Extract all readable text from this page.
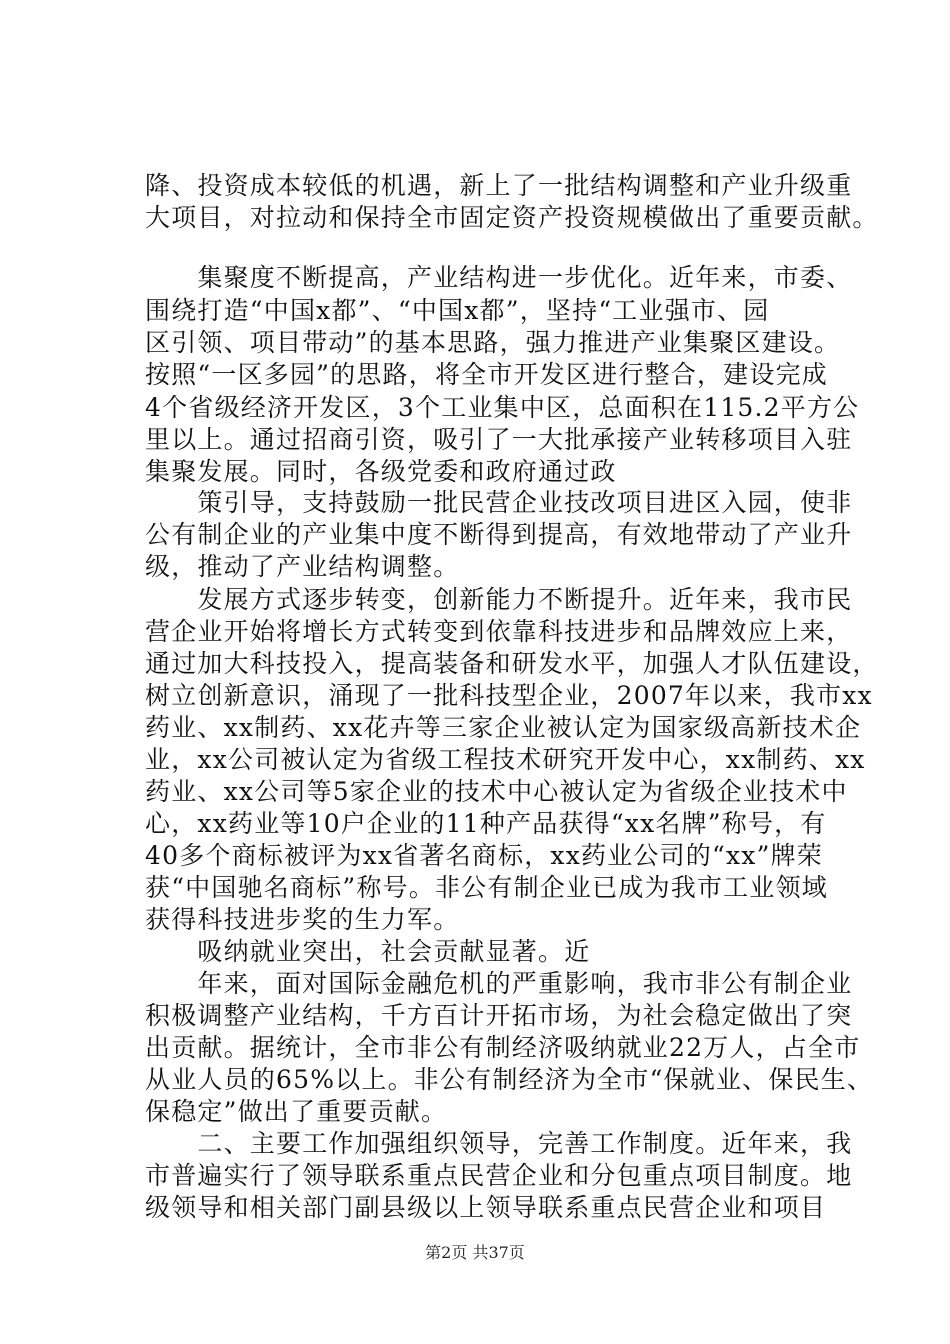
降、投资成本较低的机遇，新上了一批结构调整和产业升级重
大项目，对拉动和保持全市固定资产投资规模做出了重要贡献。
　　集聚度不断提高，产业结构进一步优化。近年来，市委、
围绕打造“中国x都”、“中国x都”，坚持“工业强市、园
区引领、项目带动”的基本思路，强力推进产业集聚区建设。
按照“一区多园”的思路，将全市开发区进行整合，建设完成
4个省级经济开发区，3个工业集中区，总面积在115.2平方公
里以上。通过招商引资，吸引了一大批承接产业转移项目入驻
集聚发展。同时，各级党委和政府通过政
　　策引导，支持鼓励一批民营企业技改项目进区入园，使非
公有制企业的产业集中度不断得到提高，有效地带动了产业升
级，推动了产业结构调整。
　　发展方式逐步转变，创新能力不断提升。近年来，我市民
营企业开始将增长方式转变到依靠科技进步和品牌效应上来，
通过加大科技投入，提高装备和研发水平，加强人才队伍建设，
树立创新意识，涌现了一批科技型企业，2007年以来，我市xx
药业、xx制药、xx花卉等三家企业被认定为国家级高新技术企
业，xx公司被认定为省级工程技术研究开发中心，xx制药、xx
药业、xx公司等5家企业的技术中心被认定为省级企业技术中
心，xx药业等10户企业的11种产品获得“xx名牌”称号，有
40多个商标被评为xx省著名商标，xx药业公司的“xx”牌荣
获“中国驰名商标”称号。非公有制企业已成为我市工业领域
获得科技进步奖的生力军。
　　吸纳就业突出，社会贡献显著。近
　　年来，面对国际金融危机的严重影响，我市非公有制企业
积极调整产业结构，千方百计开拓市场，为社会稳定做出了突
出贡献。据统计，全市非公有制经济吸纳就业22万人，占全市
从业人员的65%以上。非公有制经济为全市“保就业、保民生、
保稳定”做出了重要贡献。
　　二、主要工作加强组织领导，完善工作制度。近年来，我
市普遍实行了领导联系重点民营企业和分包重点项目制度。地
级领导和相关部门副县级以上领导联系重点民营企业和项目
第2页 共37页
